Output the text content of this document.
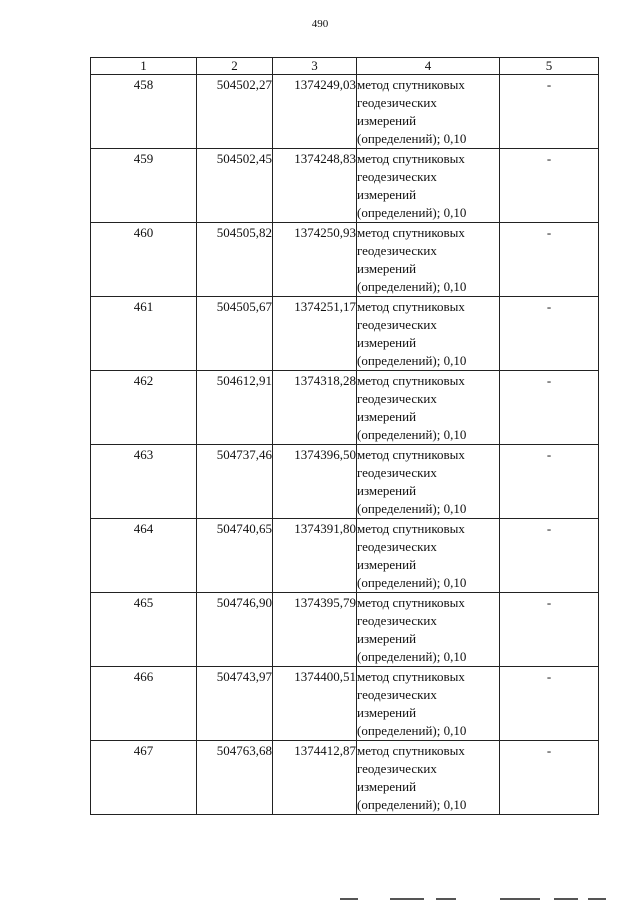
490
1	2	3	4	5
458	504502,27	1374249,03	метод спутниковых
геодезических
измерений
(определений); 0,10	-
459	504502,45	1374248,83	метод спутниковых
геодезических
измерений
(определений); 0,10	-
460	504505,82	1374250,93	метод спутниковых
геодезических
измерений
(определений); 0,10	-
461	504505,67	1374251,17	метод спутниковых
геодезических
измерений
(определений); 0,10	-
462	504612,91	1374318,28	метод спутниковых
геодезических
измерений
(определений); 0,10	-
463	504737,46	1374396,50	метод спутниковых
геодезических
измерений
(определений); 0,10	-
464	504740,65	1374391,80	метод спутниковых
геодезических
измерений
(определений); 0,10	-
465	504746,90	1374395,79	метод спутниковых
геодезических
измерений
(определений); 0,10	-
466	504743,97	1374400,51	метод спутниковых
геодезических
измерений
(определений); 0,10	-
467	504763,68	1374412,87	метод спутниковых
геодезических
измерений
(определений); 0,10	-
